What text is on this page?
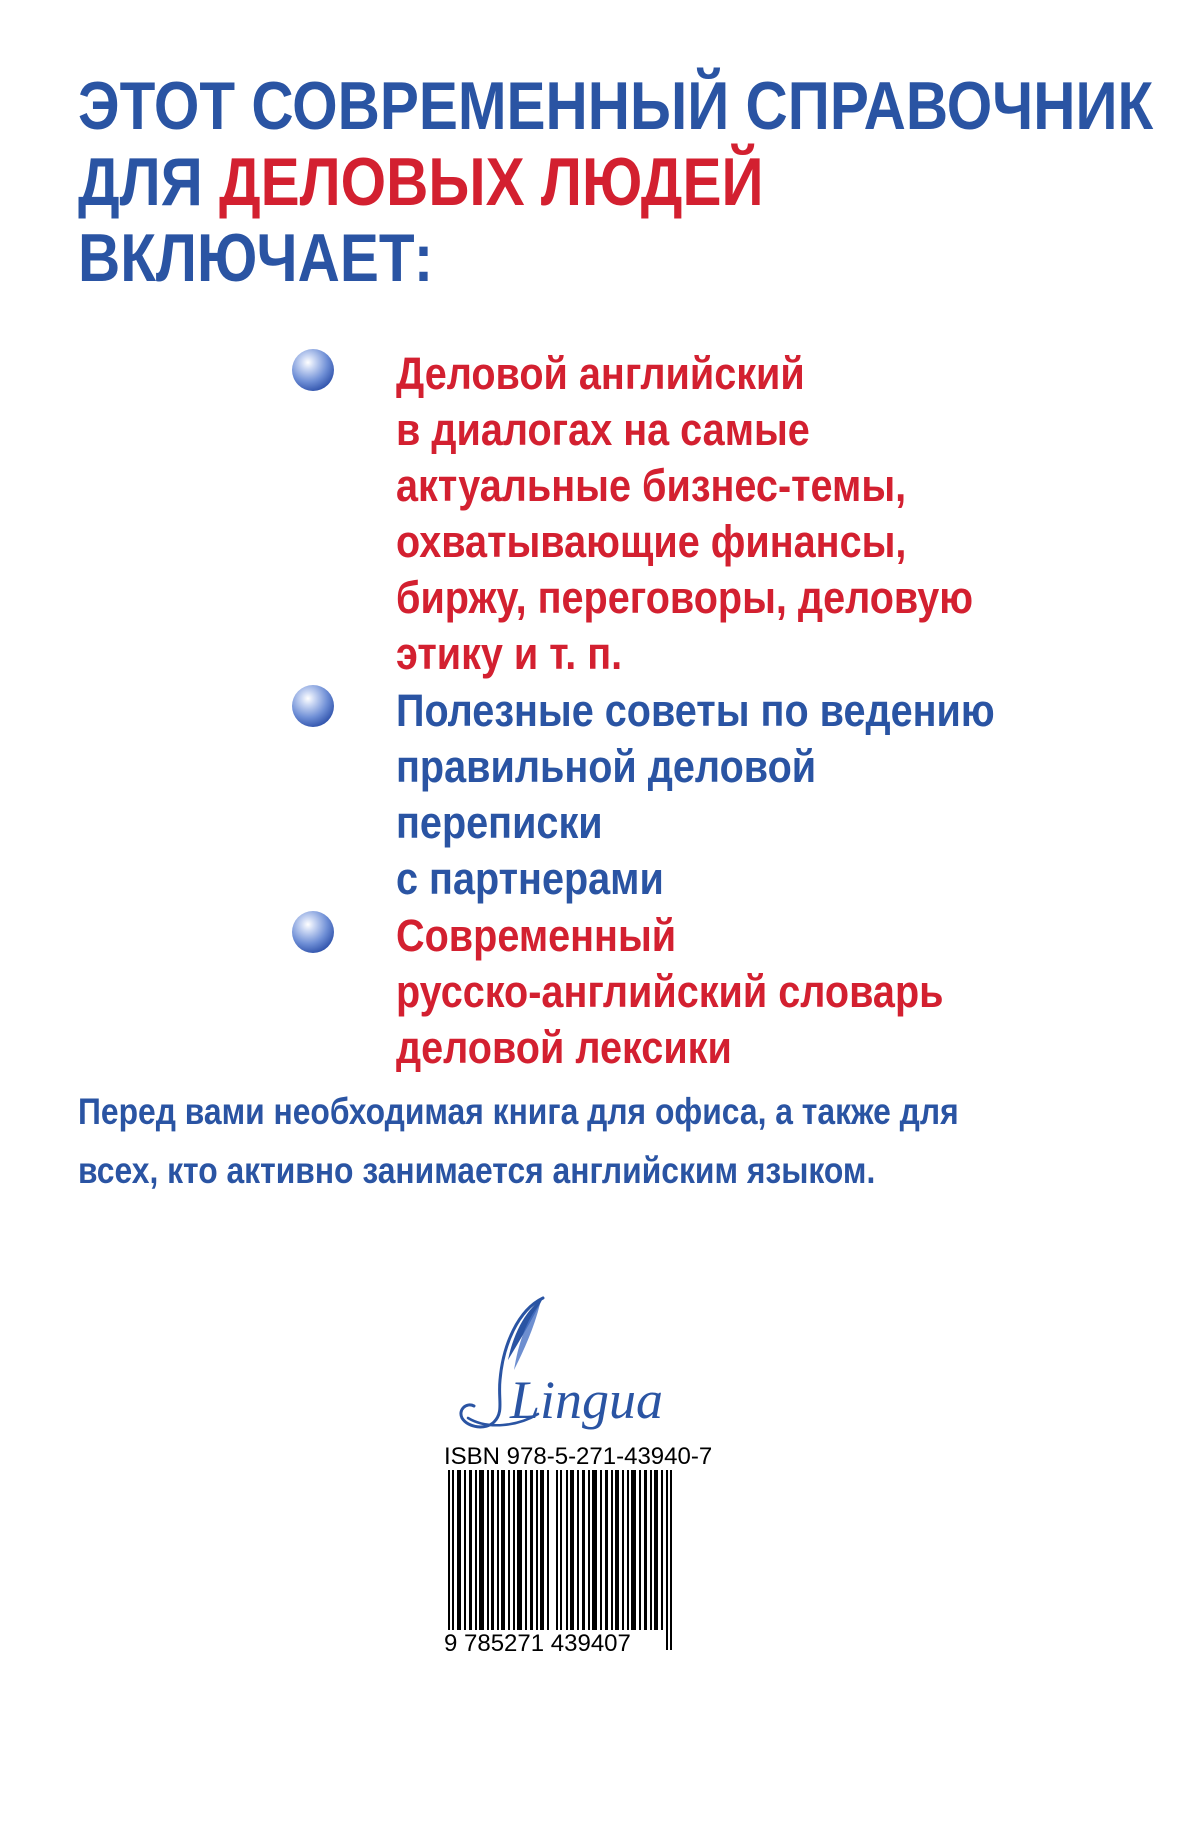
ЭТОТ СОВРЕМЕННЫЙ СПРАВОЧНИК
ДЛЯ ДЕЛОВЫХ ЛЮДЕЙ
ВКЛЮЧАЕТ:
Деловой английский
в диалогах на самые
актуальные бизнес-темы,
охватывающие финансы,
биржу, переговоры, деловую
этику и т. п.
Полезные советы по ведению
правильной деловой
переписки
с партнерами
Современный
русско-английский словарь
деловой лексики
Перед вами необходимая книга для офиса, а также для
всех, кто активно занимается английским языком.
Lingua
ISBN 978-5-271-43940-7
9 785271 439407
